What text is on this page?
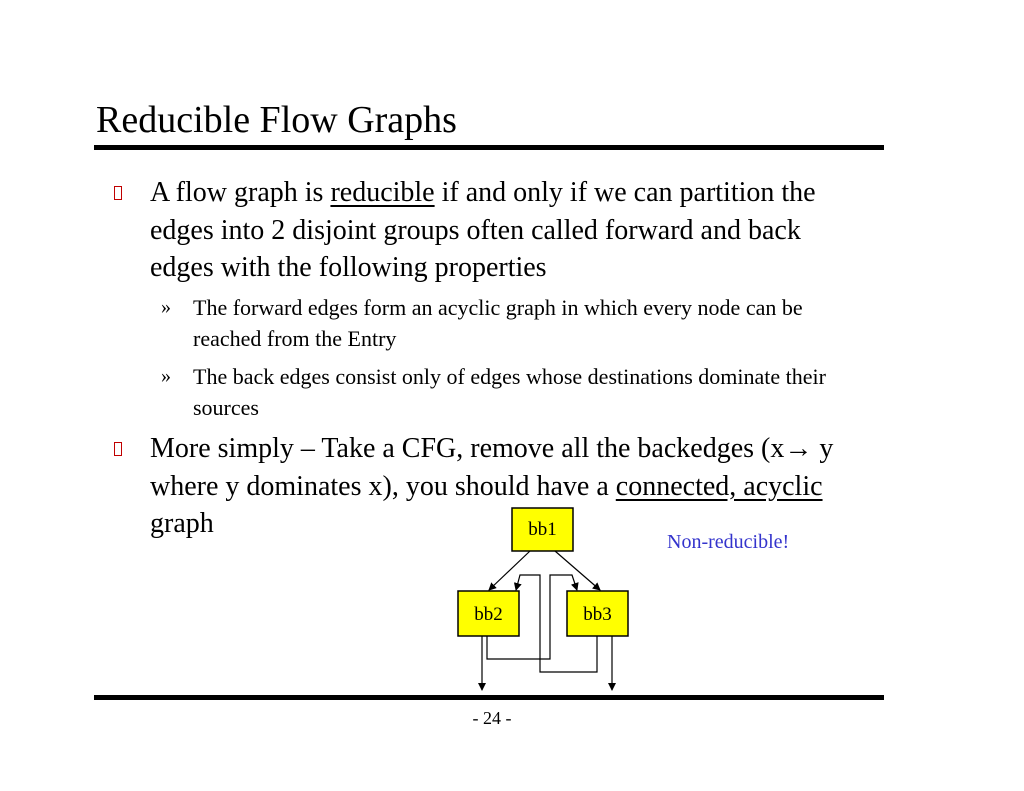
Reducible Flow Graphs
A flow graph is reducible if and only if we can partition the edges into 2 disjoint groups often called forward and back edges with the following properties
» The forward edges form an acyclic graph in which every node can be reached from the Entry
» The back edges consist only of edges whose destinations dominate their sources
More simply – Take a CFG, remove all the backedges (x→ y where y dominates x), you should have a connected, acyclic graph	bb1
bb2	bb3
Non-reducible!
- 24 -
